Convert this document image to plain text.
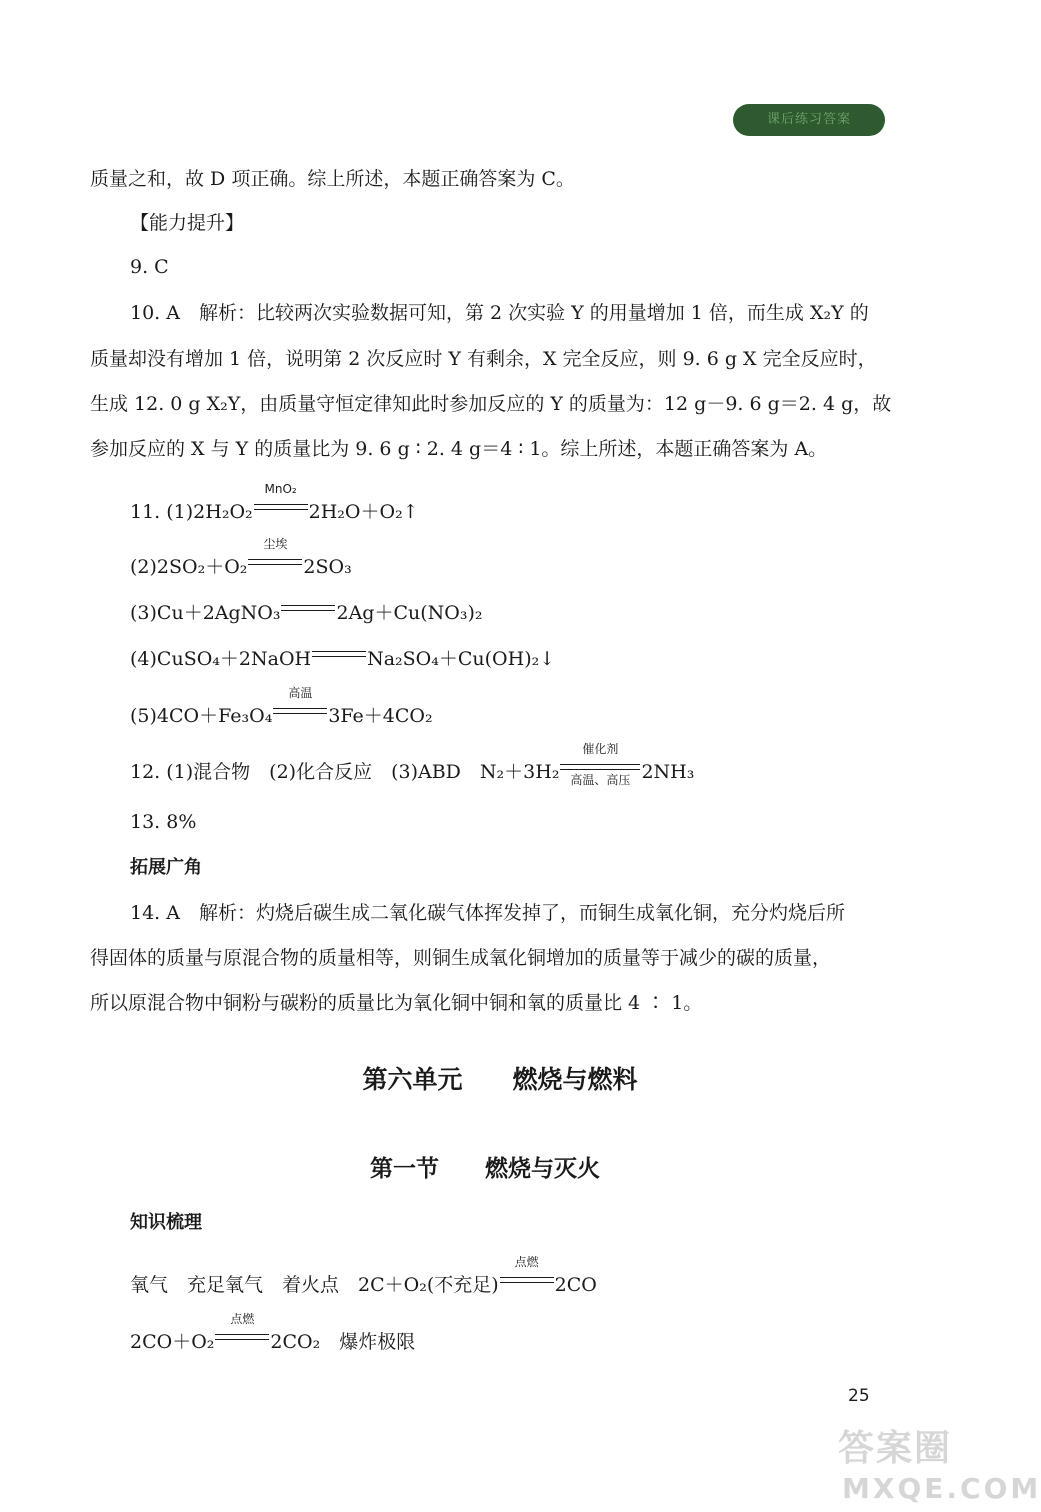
课后练习答案
质量之和，故 D 项正确。综上所述，本题正确答案为 C。
【能力提升】
9. C
10. A　解析：比较两次实验数据可知，第 2 次实验 Y 的用量增加 1 倍，而生成 X₂Y 的
质量却没有增加 1 倍，说明第 2 次反应时 Y 有剩余，X 完全反应，则 9. 6 g X 完全反应时，
生成 12. 0 g X₂Y，由质量守恒定律知此时参加反应的 Y 的质量为：12 g－9. 6 g＝2. 4 g，故
参加反应的 X 与 Y 的质量比为 9. 6 g ∶ 2. 4 g＝4 ∶ 1。综上所述，本题正确答案为 A。
11. (1)2H₂O₂
MnO₂
2H₂O＋O₂↑
(2)2SO₂＋O₂
尘埃
2SO₃
(3)Cu＋2AgNO₃	2Ag＋Cu(NO₃)₂
(4)CuSO₄＋2NaOH	Na₂SO₄＋Cu(OH)₂↓
(5)4CO＋Fe₃O₄
高温
3Fe＋4CO₂
12. (1)混合物　(2)化合反应　(3)ABD　N₂＋3H₂
催化剂
高温、高压 2NH₃
13. 8%
拓展广角
14. A　解析：灼烧后碳生成二氧化碳气体挥发掉了，而铜生成氧化铜，充分灼烧后所
得固体的质量与原混合物的质量相等，则铜生成氧化铜增加的质量等于减少的碳的质量，
所以原混合物中铜粉与碳粉的质量比为氧化铜中铜和氧的质量比 4 ∶ 1。
第六单元　　燃烧与燃料
第一节　　燃烧与灭火
知识梳理
氧气　充足氧气　着火点　2C＋O₂(不充足)
点燃
2CO
2CO＋O₂
点燃
2CO₂　爆炸极限
25
答案圈
MXQE.COM
